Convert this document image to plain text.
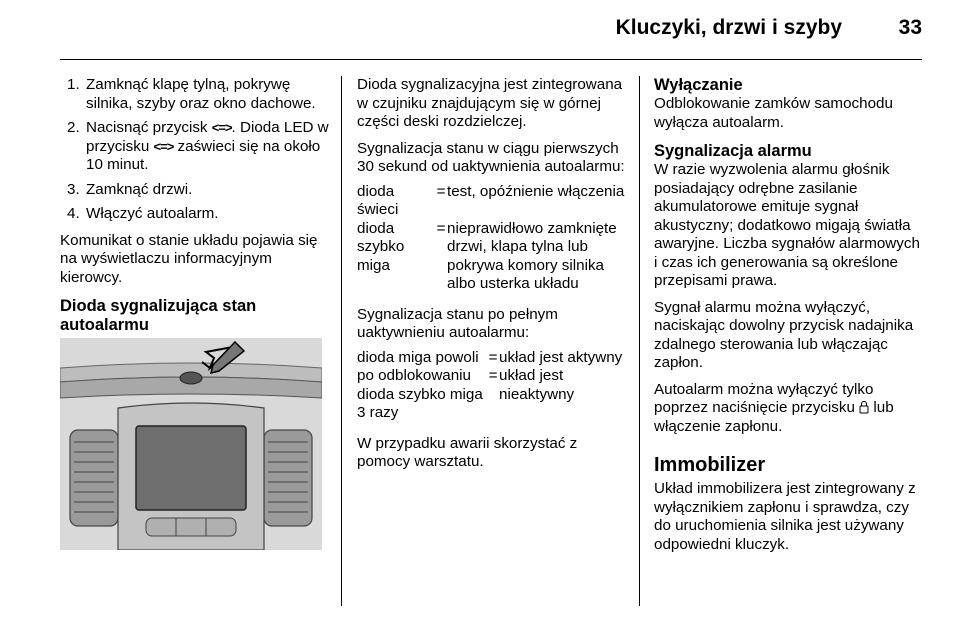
Kluczyki, drzwi i szyby	33
1. Zamknąć klapę tylną, pokrywę silnika, szyby oraz okno dachowe.
2. Nacisnąć przycisk <=>. Dioda LED w przycisku <=> zaświeci się na około 10 minut.
3. Zamknąć drzwi.
4. Włączyć autoalarm.

Komunikat o stanie układu pojawia się na wyświetlaczu informacyjnym kierowcy.

Dioda sygnalizująca stan autoalarmu

Dioda sygnalizacyjna jest zintegrowana w czujniku znajdującym się w górnej części deski rozdzielczej.

Sygnalizacja stanu w ciągu pierwszych 30 sekund od uaktywnienia autoalarmu:

dioda świeci	=	test, opóźnienie włączenia
dioda szybko miga	=	nieprawidłowo zamknięte drzwi, klapa tylna lub pokrywa komory silnika albo usterka układu

Sygnalizacja stanu po pełnym uaktywnieniu autoalarmu:

dioda miga powoli	=	układ jest aktywny
po odblokowaniu dioda szybko miga 3 razy	=	układ jest nieaktywny

W przypadku awarii skorzystać z pomocy warsztatu.

Wyłączanie

Odblokowanie zamków samochodu wyłącza autoalarm.

Sygnalizacja alarmu

W razie wyzwolenia alarmu głośnik posiadający odrębne zasilanie akumulatorowe emituje sygnał akustyczny; dodatkowo migają światła awaryjne. Liczba sygnałów alarmowych i czas ich generowania są określone przepisami prawa.

Sygnał alarmu można wyłączyć, naciskając dowolny przycisk nadajnika zdalnego sterowania lub włączając zapłon.

Autoalarm można wyłączyć tylko poprzez naciśnięcie przycisku lub włączenie zapłonu.

Immobilizer

Układ immobilizera jest zintegrowany z wyłącznikiem zapłonu i sprawdza, czy do uruchomienia silnika jest używany odpowiedni kluczyk.
